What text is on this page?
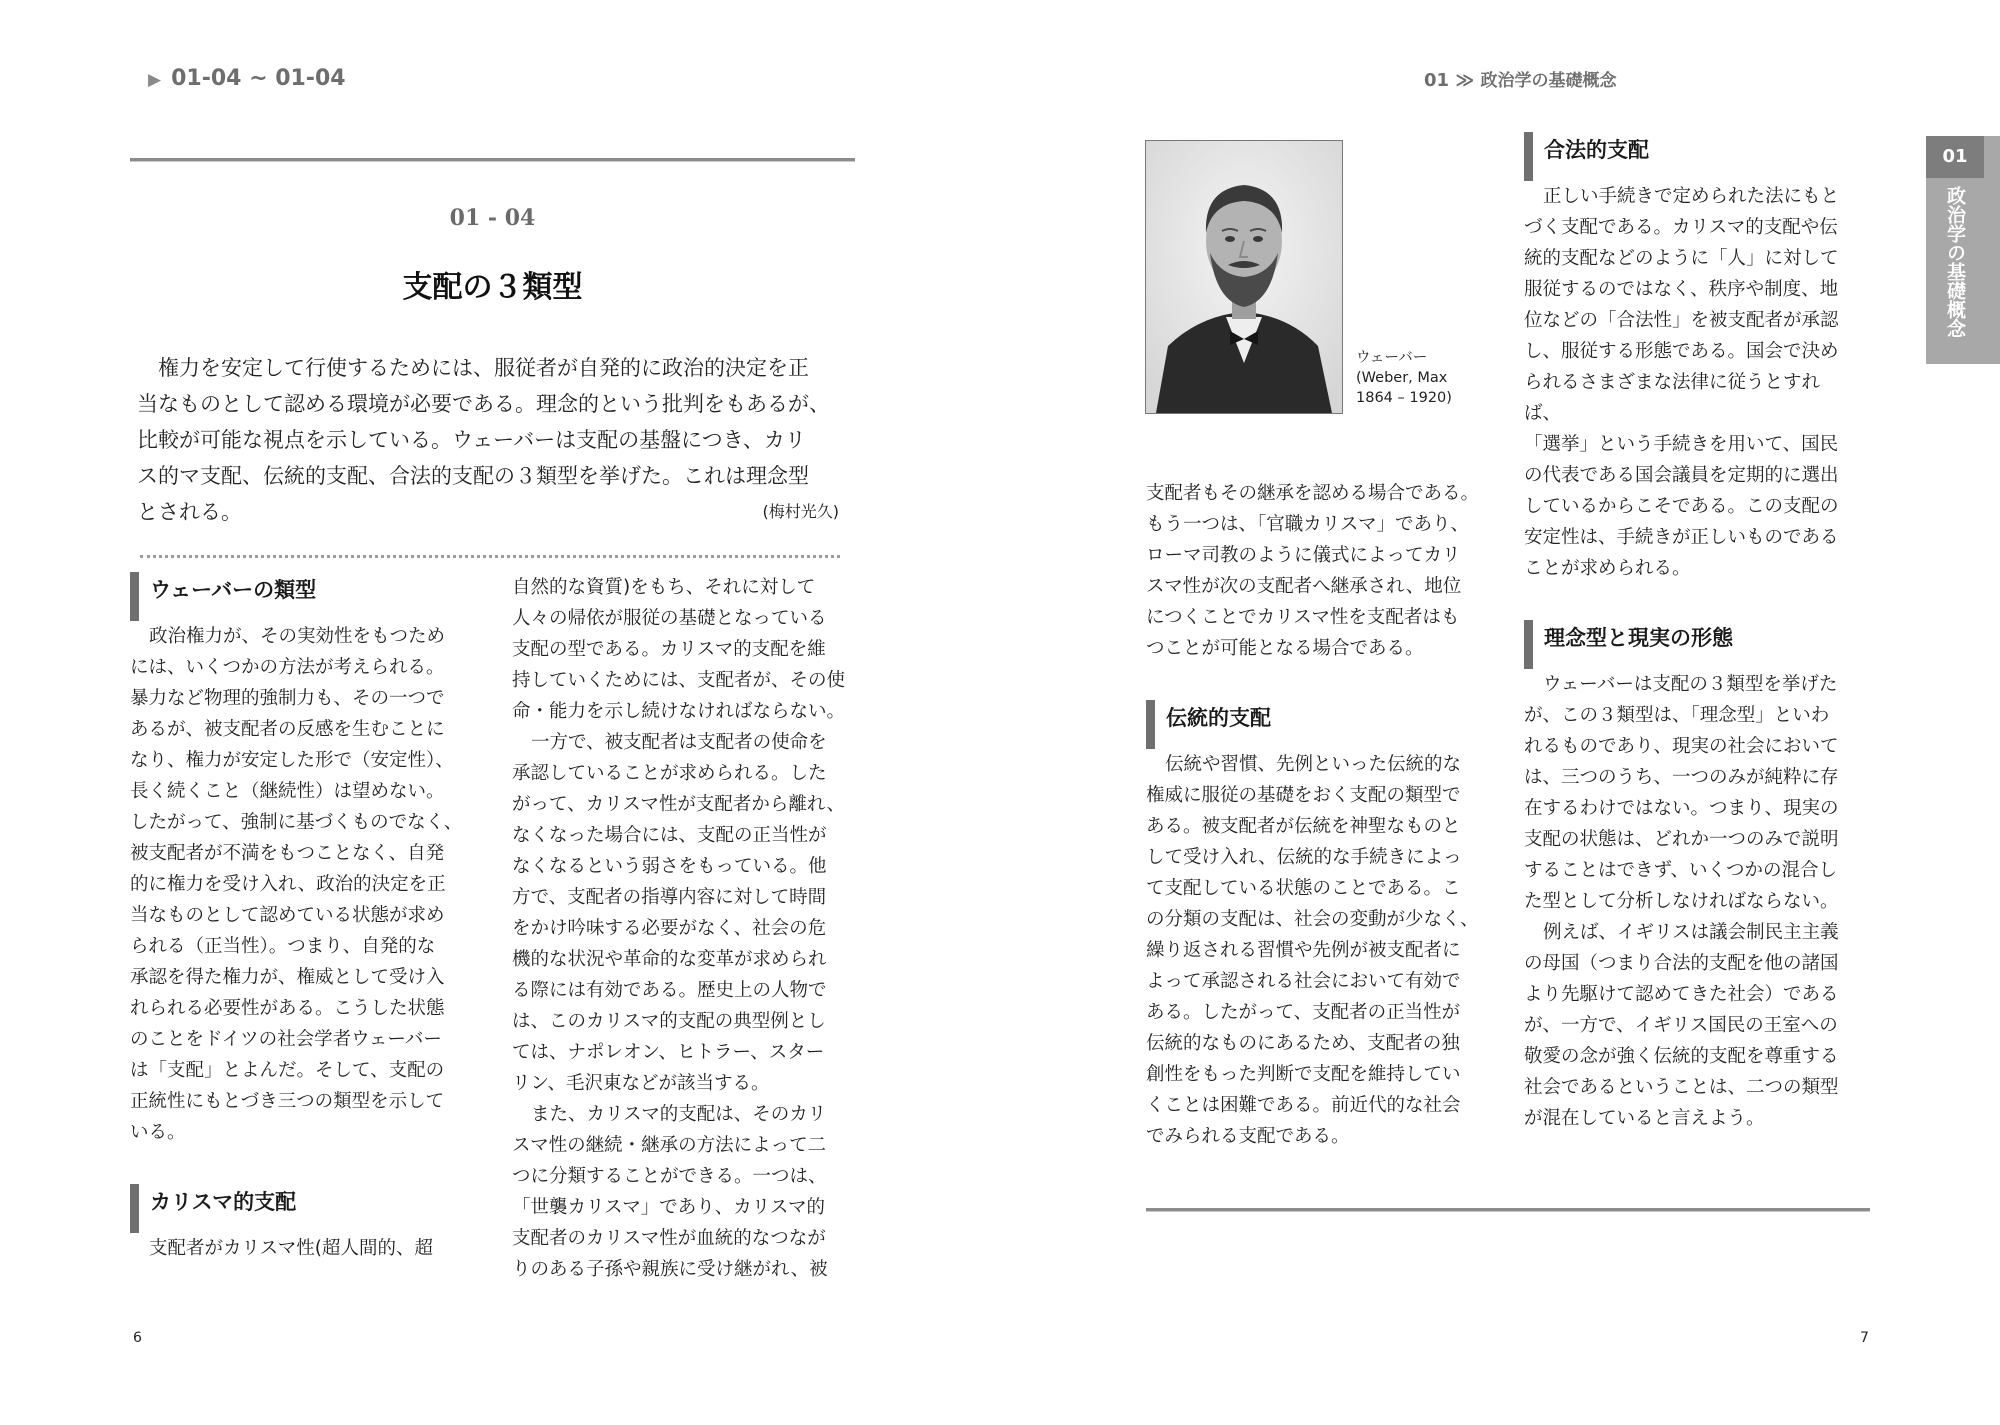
▶ 01-04 ~ 01-04
01 - 04
支配の３類型

権力を安定して行使するためには、服従者が自発的に政治的決定を正
当なものとして認める環境が必要である。理念的という批判をもあるが、
比較が可能な視点を示している。ウェーバーは支配の基盤につき、カリ
ス的マ支配、伝統的支配、合法的支配の３類型を挙げた。これは理念型
とされる。	(梅村光久)

ウェーバーの類型

政治権力が、その実効性をもつため
には、いくつかの方法が考えられる。
暴力など物理的強制力も、その一つで
あるが、被支配者の反感を生むことに
なり、権力が安定した形で（安定性）、
長く続くこと（継続性）は望めない。
したがって、強制に基づくものでなく、
被支配者が不満をもつことなく、自発
的に権力を受け入れ、政治的決定を正
当なものとして認めている状態が求め
られる（正当性）。つまり、自発的な
承認を得た権力が、権威として受け入
れられる必要性がある。こうした状態
のことをドイツの社会学者ウェーバー
は「支配」とよんだ。そして、支配の
正統性にもとづき三つの類型を示して
いる。

カリスマ的支配

支配者がカリスマ性(超人間的、超

自然的な資質)をもち、それに対して
人々の帰依が服従の基礎となっている
支配の型である。カリスマ的支配を維
持していくためには、支配者が、その使
命・能力を示し続けなければならない。

一方で、被支配者は支配者の使命を
承認していることが求められる。した
がって、カリスマ性が支配者から離れ、
なくなった場合には、支配の正当性が
なくなるという弱さをもっている。他
方で、支配者の指導内容に対して時間
をかけ吟味する必要がなく、社会の危
機的な状況や革命的な変革が求められ
る際には有効である。歴史上の人物で
は、このカリスマ的支配の典型例とし
ては、ナポレオン、ヒトラー、スター
リン、毛沢東などが該当する。

また、カリスマ的支配は、そのカリ
スマ性の継続・継承の方法によって二
つに分類することができる。一つは、
「世襲カリスマ」であり、カリスマ的
支配者のカリスマ性が血統的なつなが
りのある子孫や親族に受け継がれ、被

6
01 ≫ 政治学の基礎概念
01
政治学の基礎概念
ウェーバー
(Weber, Max
1864 – 1920)

支配者もその継承を認める場合である。
もう一つは、「官職カリスマ」であり、
ローマ司教のように儀式によってカリ
スマ性が次の支配者へ継承され、地位
につくことでカリスマ性を支配者はも
つことが可能となる場合である。

伝統的支配

伝統や習慣、先例といった伝統的な
権威に服従の基礎をおく支配の類型で
ある。被支配者が伝統を神聖なものと
して受け入れ、伝統的な手続きによっ
て支配している状態のことである。こ
の分類の支配は、社会の変動が少なく、
繰り返される習慣や先例が被支配者に
よって承認される社会において有効で
ある。したがって、支配者の正当性が
伝統的なものにあるため、支配者の独
創性をもった判断で支配を維持してい
くことは困難である。前近代的な社会
でみられる支配である。

合法的支配

正しい手続きで定められた法にもと
づく支配である。カリスマ的支配や伝
統的支配などのように「人」に対して
服従するのではなく、秩序や制度、地
位などの「合法性」を被支配者が承認
し、服従する形態である。国会で決め
られるさまざまな法律に従うとすれば、
「選挙」という手続きを用いて、国民
の代表である国会議員を定期的に選出
しているからこそである。この支配の
安定性は、手続きが正しいものである
ことが求められる。

理念型と現実の形態

ウェーバーは支配の３類型を挙げた
が、この３類型は、「理念型」といわ
れるものであり、現実の社会において
は、三つのうち、一つのみが純粋に存
在するわけではない。つまり、現実の
支配の状態は、どれか一つのみで説明
することはできず、いくつかの混合し
た型として分析しなければならない。

例えば、イギリスは議会制民主主義
の母国（つまり合法的支配を他の諸国
より先駆けて認めてきた社会）である
が、一方で、イギリス国民の王室への
敬愛の念が強く伝統的支配を尊重する
社会であるということは、二つの類型
が混在していると言えよう。

7
